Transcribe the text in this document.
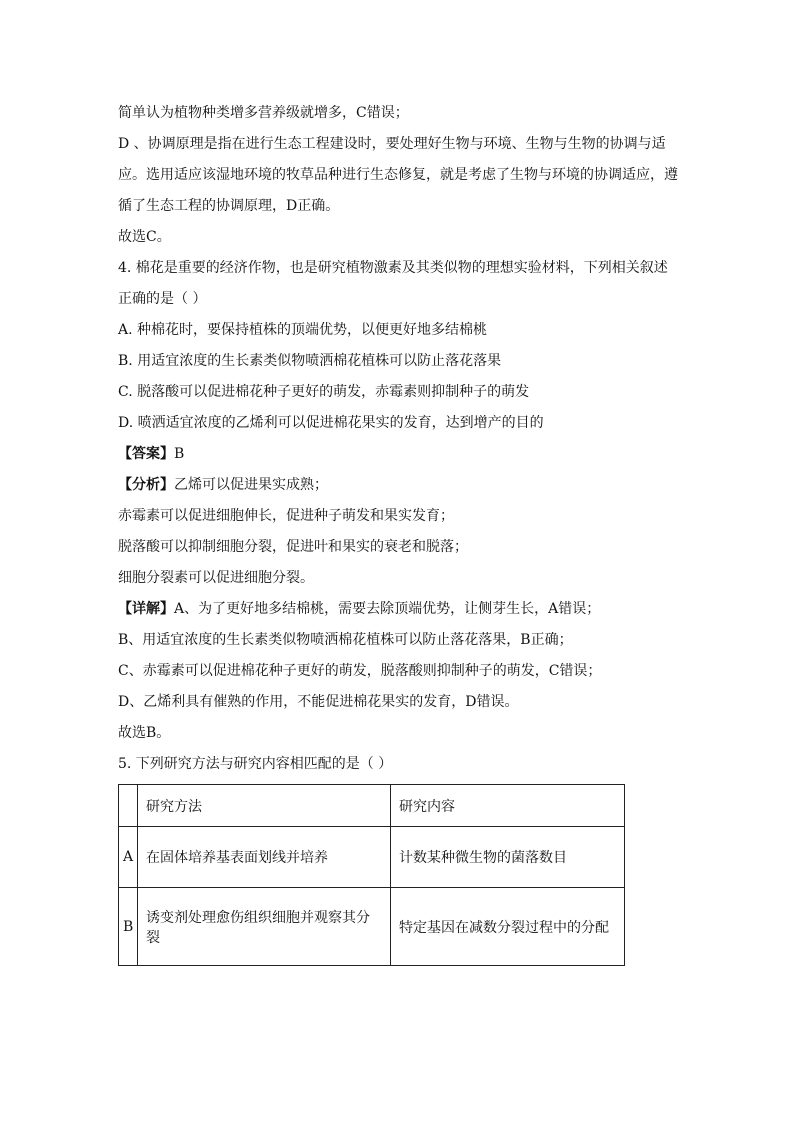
简单认为植物种类增多营养级就增多，C错误；
D 、协调原理是指在进行生态工程建设时，要处理好生物与环境、生物与生物的协调与适
应。选用适应该湿地环境的牧草品种进行生态修复，就是考虑了生物与环境的协调适应，遵
循了生态工程的协调原理，D正确。
故选C。
4. 棉花是重要的经济作物，也是研究植物激素及其类似物的理想实验材料，下列相关叙述
正确的是（ ）
A. 种棉花时，要保持植株的顶端优势，以便更好地多结棉桃
B. 用适宜浓度的生长素类似物喷洒棉花植株可以防止落花落果
C. 脱落酸可以促进棉花种子更好的萌发，赤霉素则抑制种子的萌发
D. 喷洒适宜浓度的乙烯利可以促进棉花果实的发育，达到增产的目的
【答案】B
【分析】乙烯可以促进果实成熟；
赤霉素可以促进细胞伸长，促进种子萌发和果实发育；
脱落酸可以抑制细胞分裂，促进叶和果实的衰老和脱落；
细胞分裂素可以促进细胞分裂。
【详解】A、为了更好地多结棉桃，需要去除顶端优势，让侧芽生长，A错误；
B、用适宜浓度的生长素类似物喷洒棉花植株可以防止落花落果，B正确；
C、赤霉素可以促进棉花种子更好的萌发，脱落酸则抑制种子的萌发，C错误；
D、乙烯利具有催熟的作用，不能促进棉花果实的发育，D错误。
故选B。
5. 下列研究方法与研究内容相匹配的是（ ）
	研究方法	研究内容
A	在固体培养基表面划线并培养	计数某种微生物的菌落数目
B	诱变剂处理愈伤组织细胞并观察其分裂	特定基因在减数分裂过程中的分配
